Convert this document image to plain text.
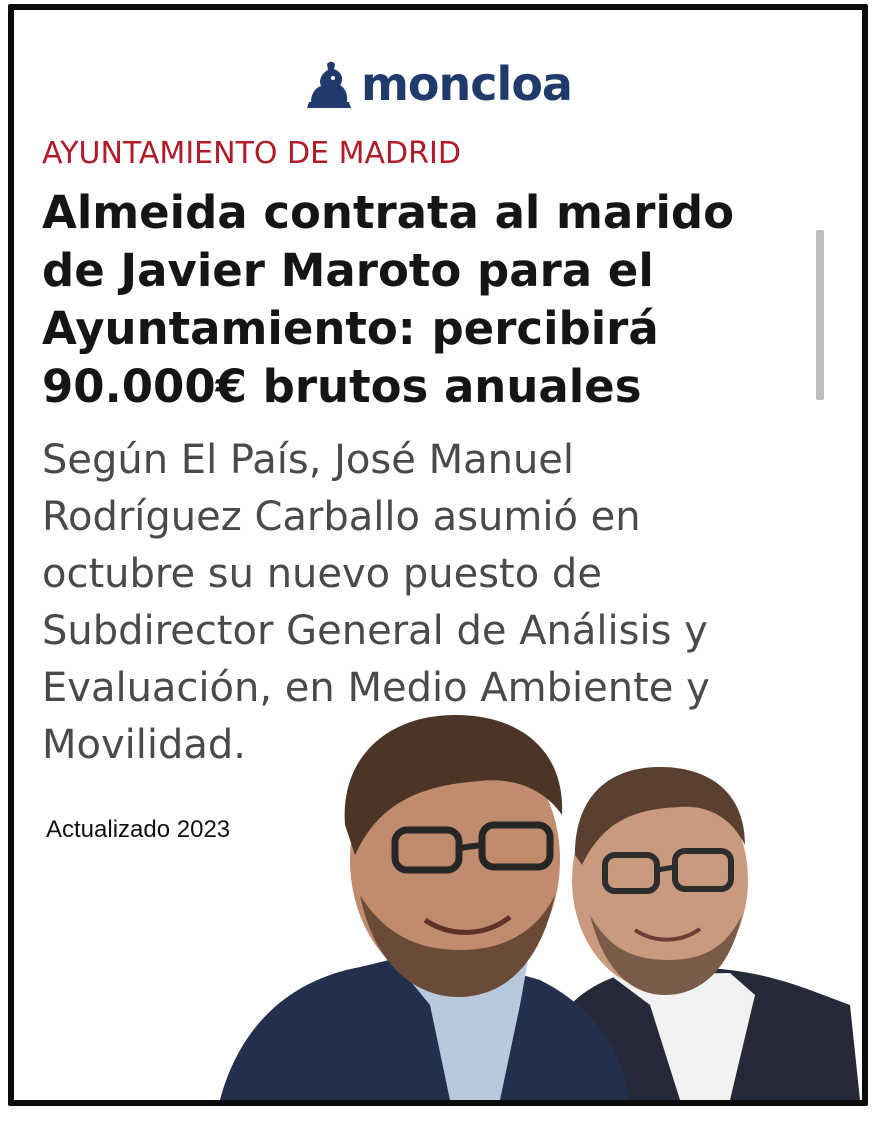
moncloa
AYUNTAMIENTO DE MADRID
Almeida contrata al marido
de Javier Maroto para el
Ayuntamiento: percibirá
90.000€ brutos anuales

Según El País, José Manuel
Rodríguez Carballo asumió en
octubre su nuevo puesto de
Subdirector General de Análisis y
Evaluación, en Medio Ambiente y
Movilidad.

Actualizado 2023
